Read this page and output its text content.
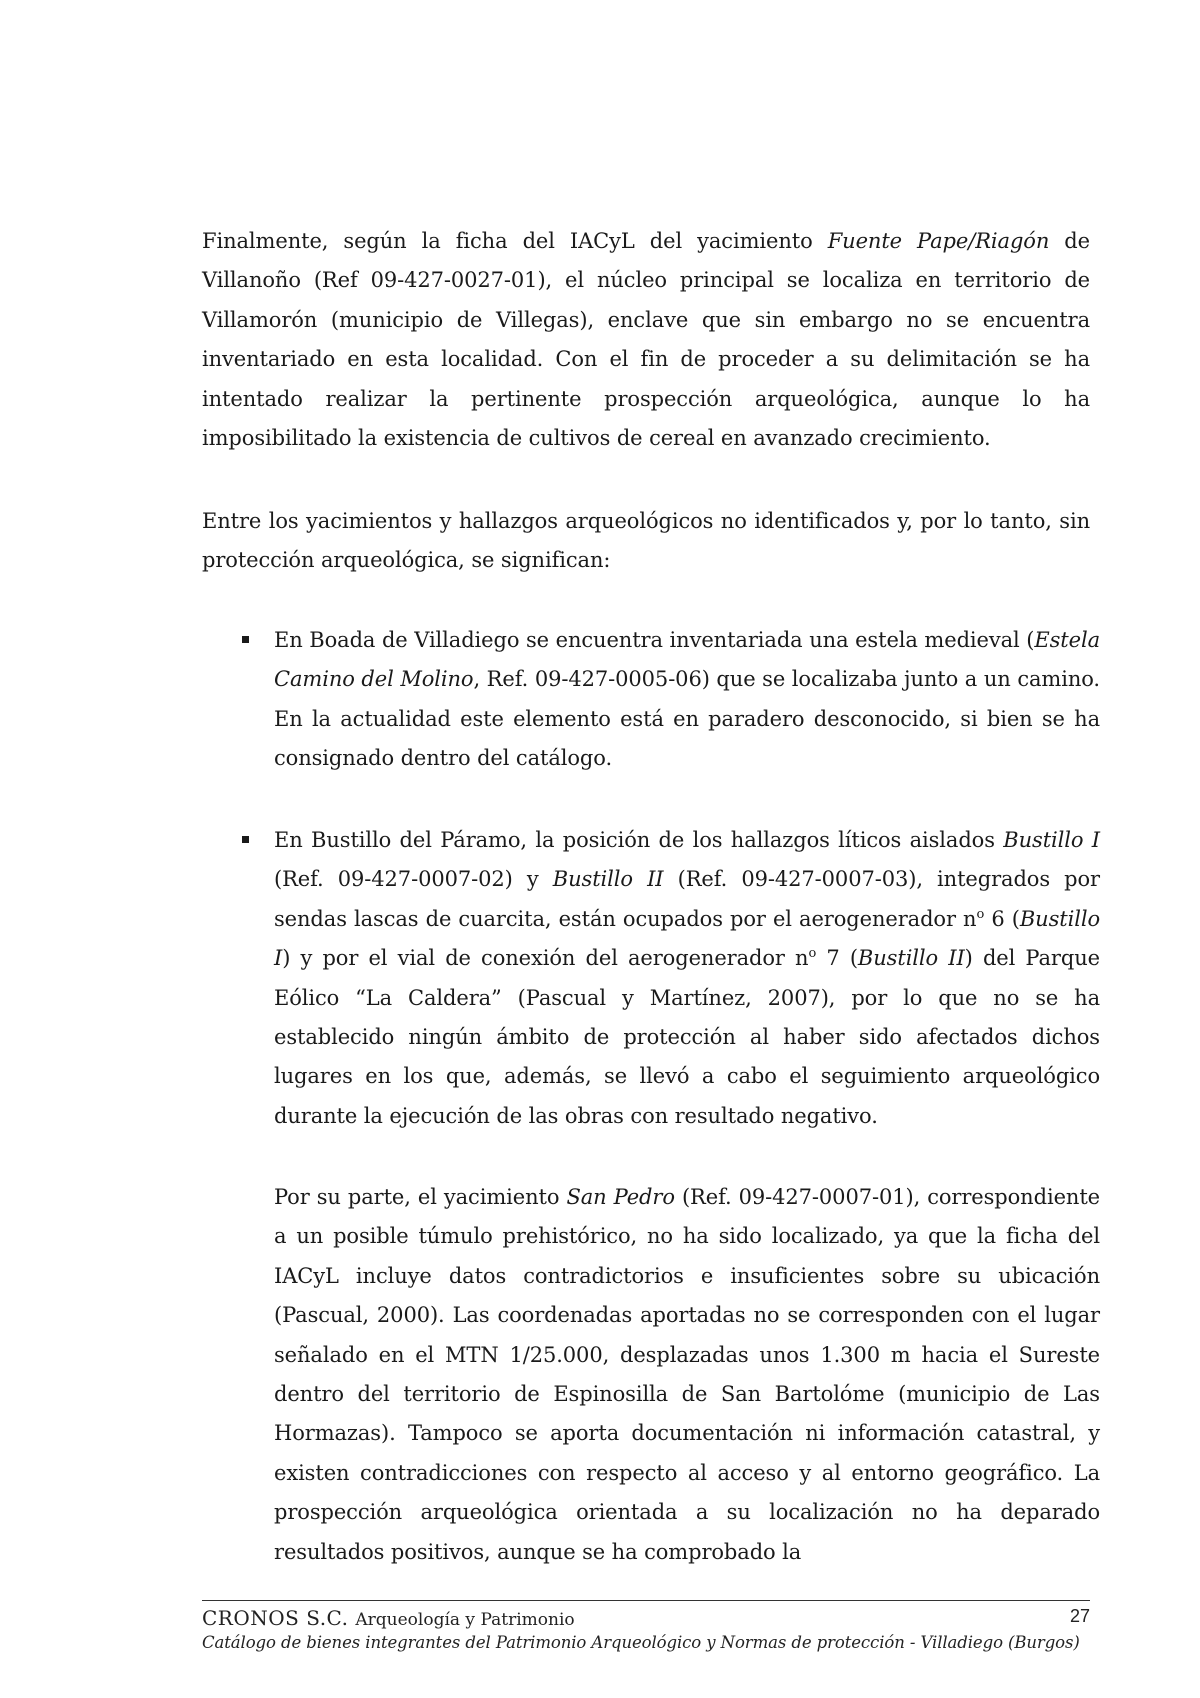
Finalmente, según la ficha del IACyL del yacimiento Fuente Pape/Riagón de Villanoño (Ref 09-427-0027-01), el núcleo principal se localiza en territorio de Villamorón (municipio de Villegas), enclave que sin embargo no se encuentra inventariado en esta localidad. Con el fin de proceder a su delimitación se ha intentado realizar la pertinente prospección arqueológica, aunque lo ha imposibilitado la existencia de cultivos de cereal en avanzado crecimiento.

Entre los yacimientos y hallazgos arqueológicos no identificados y, por lo tanto, sin protección arqueológica, se significan:

En Boada de Villadiego se encuentra inventariada una estela medieval (Estela Camino del Molino, Ref. 09-427-0005-06) que se localizaba junto a un camino. En la actualidad este elemento está en paradero desconocido, si bien se ha consignado dentro del catálogo.

En Bustillo del Páramo, la posición de los hallazgos líticos aislados Bustillo I (Ref. 09-427-0007-02) y Bustillo II (Ref. 09-427-0007-03), integrados por sendas lascas de cuarcita, están ocupados por el aerogenerador $n^o$ 6 (Bustillo I) y por el vial de conexión del aerogenerador $n^o$ 7 (Bustillo II) del Parque Eólico “La Caldera” (Pascual y Martínez, 2007), por lo que no se ha establecido ningún ámbito de protección al haber sido afectados dichos lugares en los que, además, se llevó a cabo el seguimiento arqueológico durante la ejecución de las obras con resultado negativo.

Por su parte, el yacimiento San Pedro (Ref. 09-427-0007-01), correspondiente a un posible túmulo prehistórico, no ha sido localizado, ya que la ficha del IACyL incluye datos contradictorios e insuficientes sobre su ubicación (Pascual, 2000). Las coordenadas aportadas no se corresponden con el lugar señalado en el MTN 1/25.000, desplazadas unos 1.300 m hacia el Sureste dentro del territorio de Espinosilla de San Bartolóme (municipio de Las Hormazas). Tampoco se aporta documentación ni información catastral, y existen contradicciones con respecto al acceso y al entorno geográfico. La prospección arqueológica orientada a su localización no ha deparado resultados positivos, aunque se ha comprobado la

CRONOS S.C. Arqueología y Patrimonio	27
Catálogo de bienes integrantes del Patrimonio Arqueológico y Normas de protección - Villadiego (Burgos)
